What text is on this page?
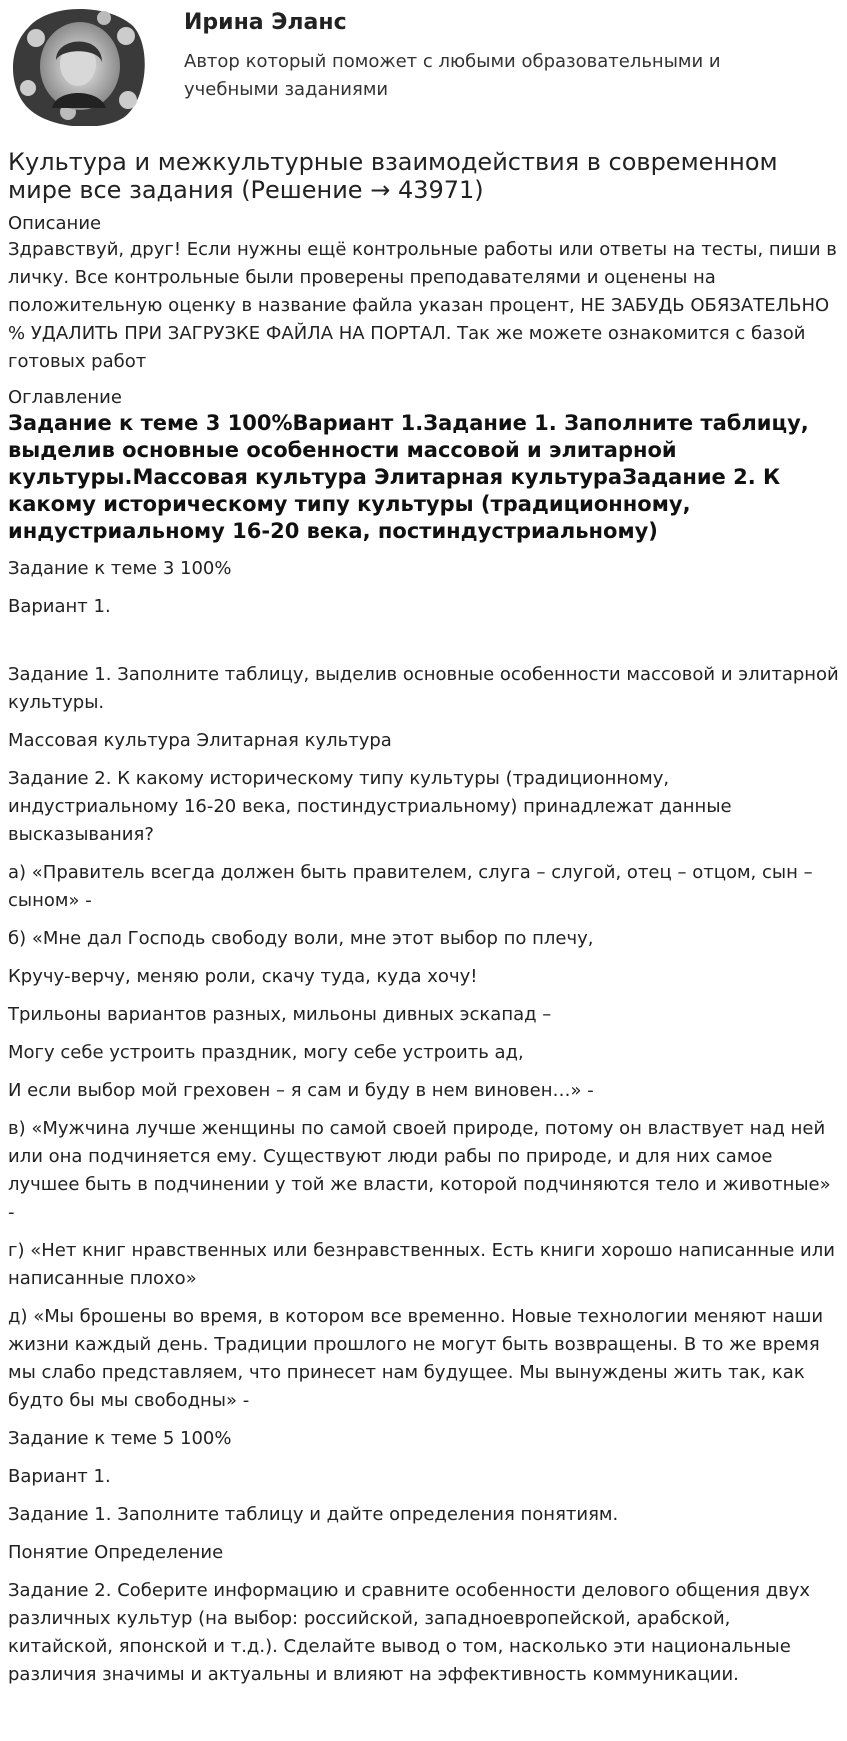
Ирина Эланс
Автор который поможет с любыми образовательными и учебными заданиями
Культура и межкультурные взаимодействия в современном мире все задания (Решение → 43971)
Описание

Здравствуй, друг! Если нужны ещё контрольные работы или ответы на тесты, пиши в личку. Все контрольные были проверены преподавателями и оценены на положительную оценку в название файла указан процент, НЕ ЗАБУДЬ ОБЯЗАТЕЛЬНО % УДАЛИТЬ ПРИ ЗАГРУЗКЕ ФАЙЛА НА ПОРТАЛ. Так же можете ознакомится с базой готовых работ

Оглавление
Задание к теме 3 100%Вариант 1.Задание 1. Заполните таблицу, выделив основные особенности массовой и элитарной культуры.Массовая культура Элитарная культураЗадание 2. К какому историческому типу культуры (традиционному, индустриальному 16-20 века, постиндустриальному)

Задание к теме 3 100%

Вариант 1.

Задание 1. Заполните таблицу, выделив основные особенности массовой и элитарной культуры.

Массовая культура Элитарная культура

Задание 2. К какому историческому типу культуры (традиционному, индустриальному 16-20 века, постиндустриальному) принадлежат данные высказывания?

а) «Правитель всегда должен быть правителем, слуга – слугой, отец – отцом, сын – сыном» -

б) «Мне дал Господь свободу воли, мне этот выбор по плечу,

Кручу-верчу, меняю роли, скачу туда, куда хочу!

Трильоны вариантов разных, мильоны дивных эскапад –

Могу себе устроить праздник, могу себе устроить ад,

И если выбор мой греховен – я сам и буду в нем виновен…» -

в) «Мужчина лучше женщины по самой своей природе, потому он властвует над ней или она подчиняется ему. Существуют люди рабы по природе, и для них самое лучшее быть в подчинении у той же власти, которой подчиняются тело и животные» -

г) «Нет книг нравственных или безнравственных. Есть книги хорошо написанные или написанные плохо»

д) «Мы брошены во время, в котором все временно. Новые технологии меняют наши жизни каждый день. Традиции прошлого не могут быть возвращены. В то же время мы слабо представляем, что принесет нам будущее. Мы вынуждены жить так, как будто бы мы свободны» -

Задание к теме 5 100%

Вариант 1.

Задание 1. Заполните таблицу и дайте определения понятиям.

Понятие Определение

Задание 2. Соберите информацию и сравните особенности делового общения двух различных культур (на выбор: российской, западноевропейской, арабской, китайской, японской и т.д.). Сделайте вывод о том, насколько эти национальные различия значимы и актуальны и влияют на эффективность коммуникации.
